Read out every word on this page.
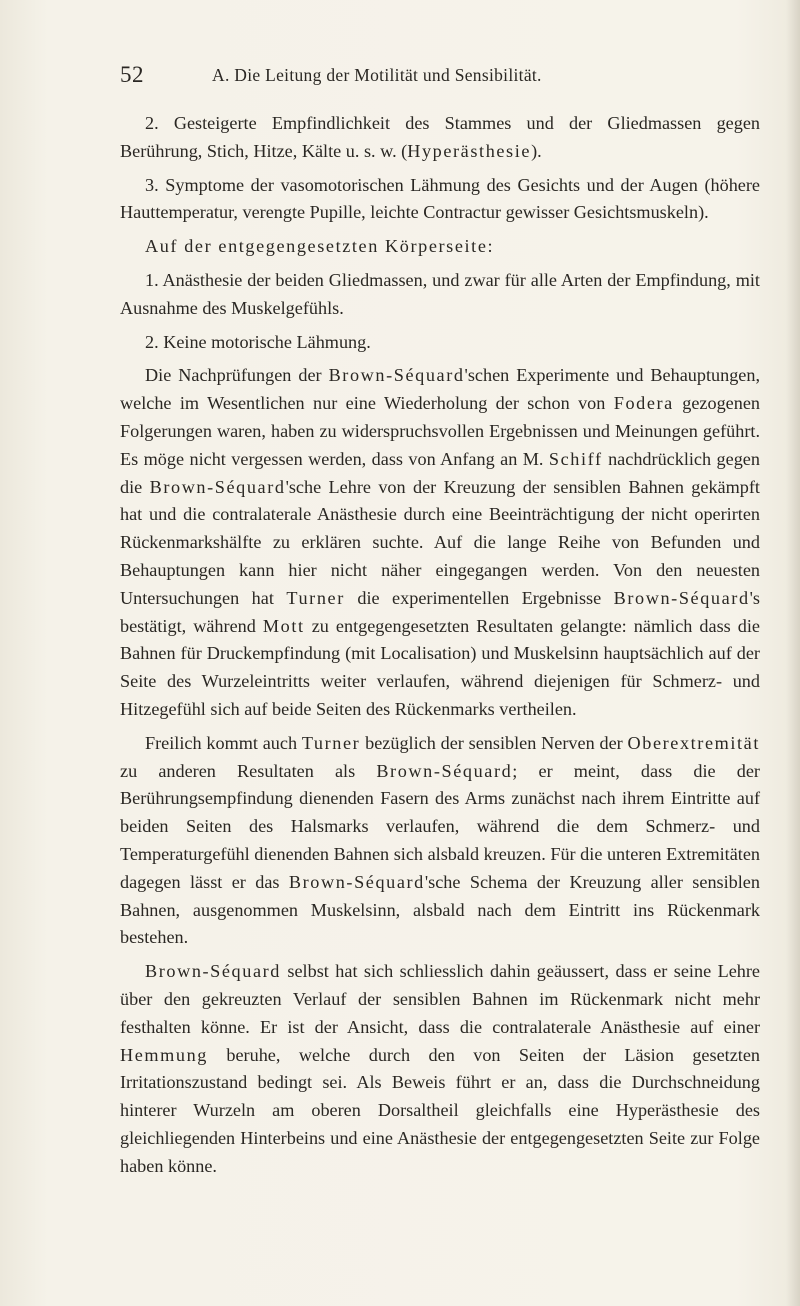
52	A. Die Leitung der Motilität und Sensibilität.

2. Gesteigerte Empfindlichkeit des Stammes und der Gliedmassen gegen Berührung, Stich, Hitze, Kälte u. s. w. (Hyperästhesie).

3. Symptome der vasomotorischen Lähmung des Gesichts und der Augen (höhere Hauttemperatur, verengte Pupille, leichte Contractur gewisser Gesichtsmuskeln).

Auf der entgegengesetzten Körperseite:

1. Anästhesie der beiden Gliedmassen, und zwar für alle Arten der Empfindung, mit Ausnahme des Muskelgefühls.

2. Keine motorische Lähmung.

Die Nachprüfungen der Brown-Séquard'schen Experimente und Behauptungen, welche im Wesentlichen nur eine Wiederholung der schon von Fodera gezogenen Folgerungen waren, haben zu widerspruchsvollen Ergebnissen und Meinungen geführt. Es möge nicht vergessen werden, dass von Anfang an M. Schiff nachdrücklich gegen die Brown-Séquard'sche Lehre von der Kreuzung der sensiblen Bahnen gekämpft hat und die contralaterale Anästhesie durch eine Beeinträchtigung der nicht operirten Rückenmarkshälfte zu erklären suchte. Auf die lange Reihe von Befunden und Behauptungen kann hier nicht näher eingegangen werden. Von den neuesten Untersuchungen hat Turner die experimentellen Ergebnisse Brown-Séquard's bestätigt, während Mott zu entgegengesetzten Resultaten gelangte: nämlich dass die Bahnen für Druckempfindung (mit Localisation) und Muskelsinn hauptsächlich auf der Seite des Wurzeleintritts weiter verlaufen, während diejenigen für Schmerz- und Hitzegefühl sich auf beide Seiten des Rückenmarks vertheilen.

Freilich kommt auch Turner bezüglich der sensiblen Nerven der Oberextremität zu anderen Resultaten als Brown-Séquard; er meint, dass die der Berührungsempfindung dienenden Fasern des Arms zunächst nach ihrem Eintritte auf beiden Seiten des Halsmarks verlaufen, während die dem Schmerz- und Temperaturgefühl dienenden Bahnen sich alsbald kreuzen. Für die unteren Extremitäten dagegen lässt er das Brown-Séquard'sche Schema der Kreuzung aller sensiblen Bahnen, ausgenommen Muskelsinn, alsbald nach dem Eintritt ins Rückenmark bestehen.

Brown-Séquard selbst hat sich schliesslich dahin geäussert, dass er seine Lehre über den gekreuzten Verlauf der sensiblen Bahnen im Rückenmark nicht mehr festhalten könne. Er ist der Ansicht, dass die contralaterale Anästhesie auf einer Hemmung beruhe, welche durch den von Seiten der Läsion gesetzten Irritationszustand bedingt sei. Als Beweis führt er an, dass die Durchschneidung hinterer Wurzeln am oberen Dorsaltheil gleichfalls eine Hyperästhesie des gleichliegenden Hinterbeins und eine Anästhesie der entgegengesetzten Seite zur Folge haben könne.
